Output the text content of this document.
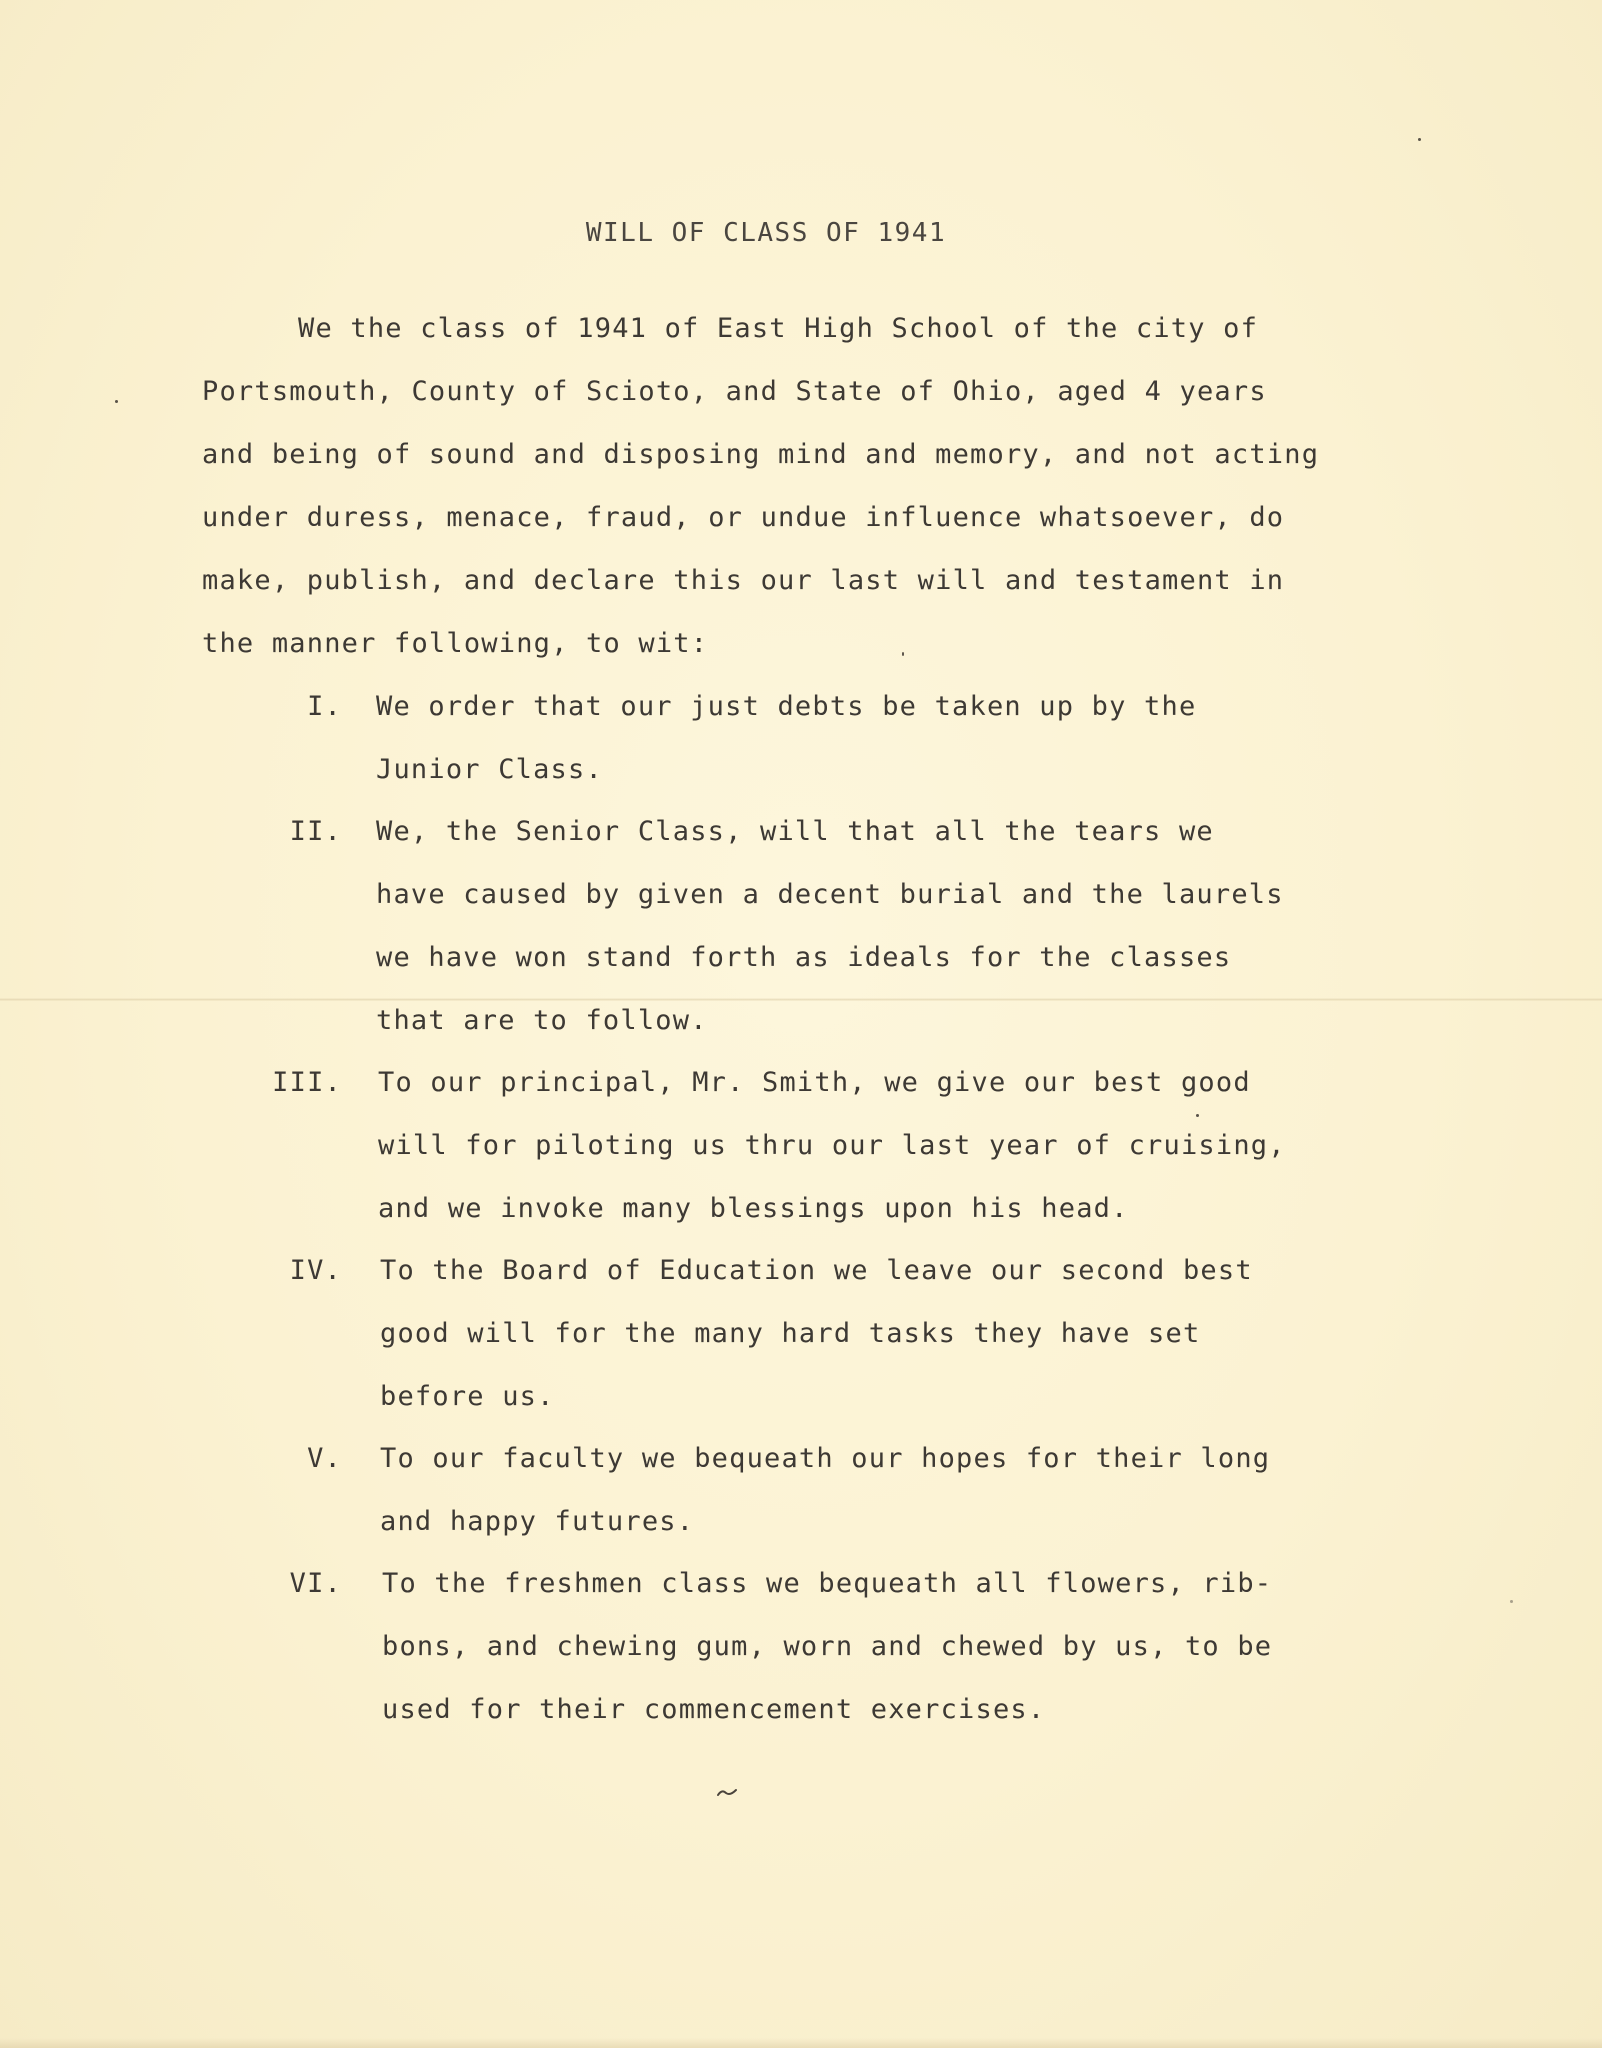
WILL OF CLASS OF 1941
We the class of 1941 of East High School of the city of
Portsmouth, County of Scioto, and State of Ohio, aged 4 years
and being of sound and disposing mind and memory, and not acting
under duress, menace, fraud, or undue influence whatsoever, do
make, publish, and declare this our last will and testament in
the manner following, to wit:
I. We order that our just debts be taken up by the
Junior Class.
II. We, the Senior Class, will that all the tears we
have caused by given a decent burial and the laurels
we have won stand forth as ideals for the classes
that are to follow.
III. To our principal, Mr. Smith, we give our best good
will for piloting us thru our last year of cruising,
and we invoke many blessings upon his head.
IV. To the Board of Education we leave our second best
good will for the many hard tasks they have set
before us.
V. To our faculty we bequeath our hopes for their long
and happy futures.
VI. To the freshmen class we bequeath all flowers, rib-
bons, and chewing gum, worn and chewed by us, to be
used for their commencement exercises.
